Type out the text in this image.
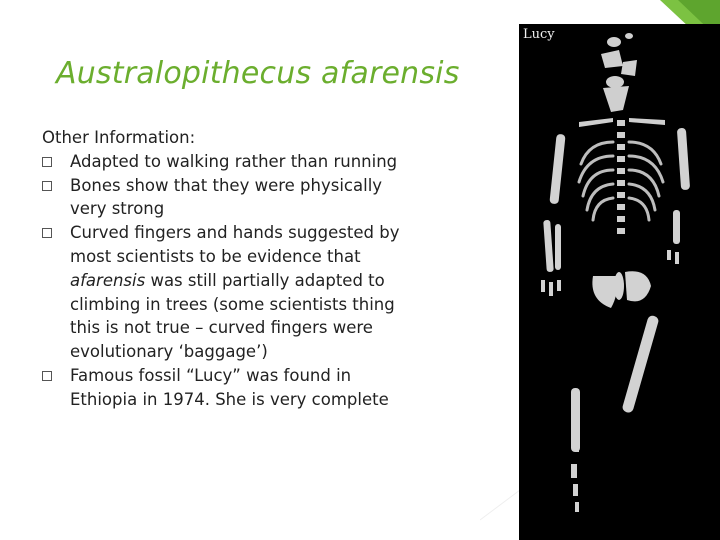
Australopithecus afarensis

Other Information:

Adapted to walking rather than running
Bones show that they were physically very strong
Curved fingers and hands suggested by most scientists to be evidence that afarensis was still partially adapted to climbing in trees (some scientists thing this is not true – curved fingers were evolutionary ‘baggage’)
Famous fossil “Lucy” was found in Ethiopia in 1974. She is very complete
Lucy
